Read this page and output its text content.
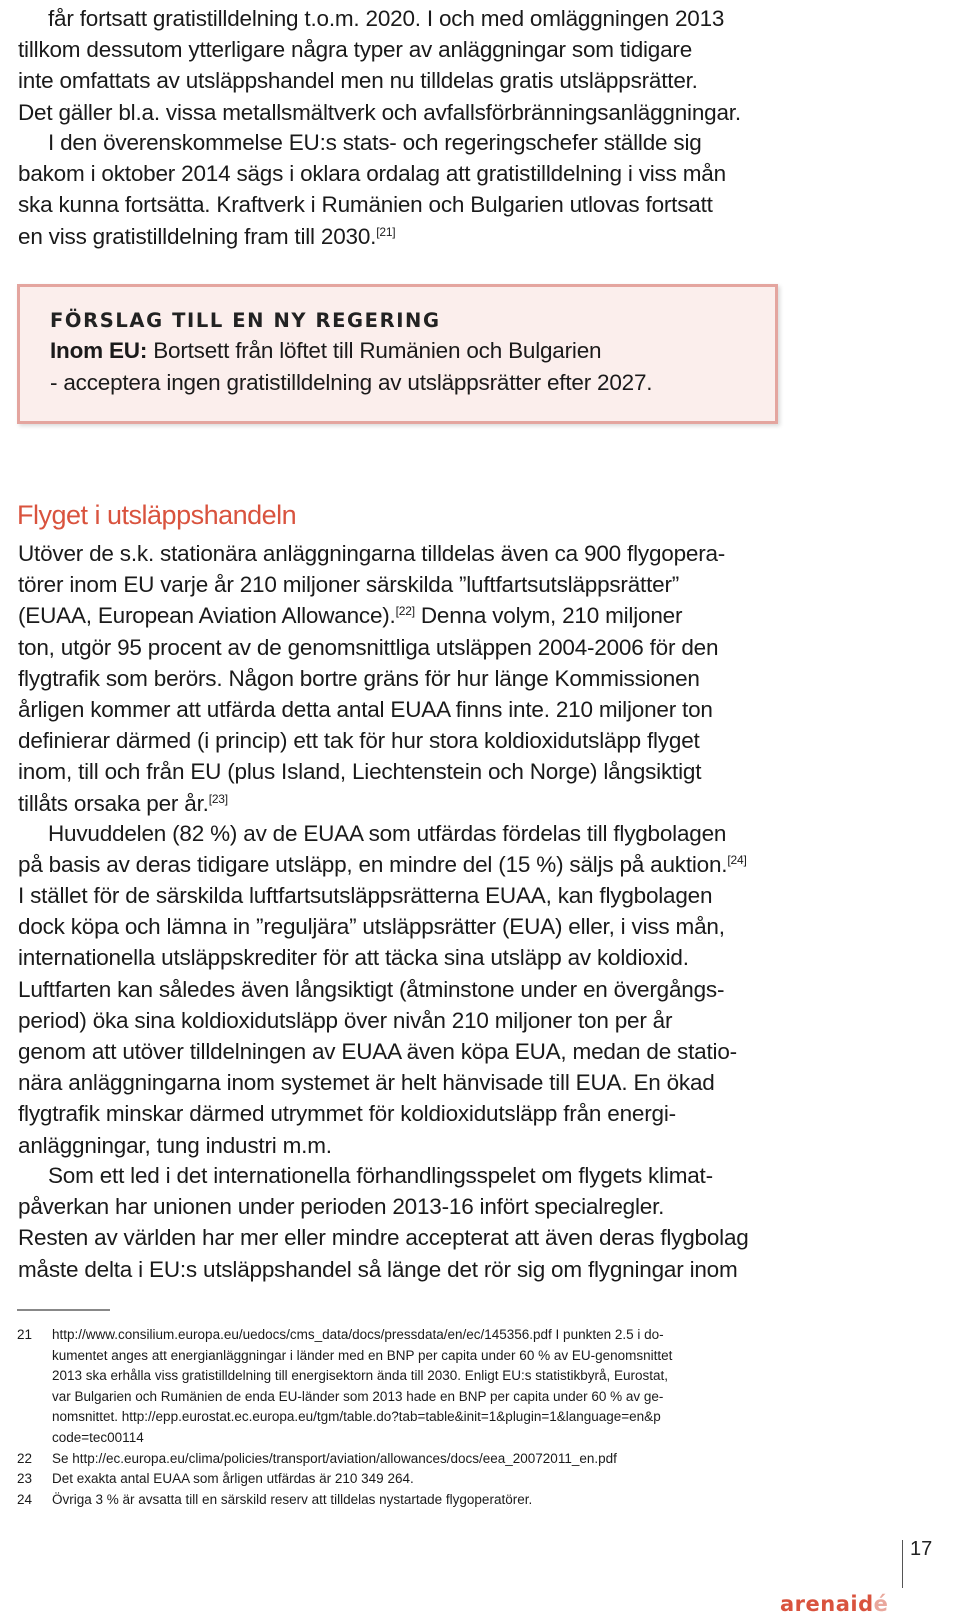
får fortsatt gratistilldelning t.o.m. 2020. I och med omläggningen 2013
tillkom dessutom ytterligare några typer av anläggningar som tidigare
inte omfattats av utsläppshandel men nu tilldelas gratis utsläppsrätter.
Det gäller bl.a. vissa metallsmältverk och avfallsförbränningsanläggningar.

I den överenskommelse EU:s stats- och regeringschefer ställde sig
bakom i oktober 2014 sägs i oklara ordalag att gratistilldelning i viss mån
ska kunna fortsätta. Kraftverk i Rumänien och Bulgarien utlovas fortsatt
en viss gratistilldelning fram till 2030.[21]

FÖRSLAG TILL EN NY REGERING
Inom EU: Bortsett från löftet till Rumänien och Bulgarien
- acceptera ingen gratistilldelning av utsläppsrätter efter 2027.
Flyget i utsläppshandeln

Utöver de s.k. stationära anläggningarna tilldelas även ca 900 flygopera-
törer inom EU varje år 210 miljoner särskilda ”luftfartsutsläppsrätter”
(EUAA, European Aviation Allowance).[22] Denna volym, 210 miljoner
ton, utgör 95 procent av de genomsnittliga utsläppen 2004-2006 för den
flygtrafik som berörs. Någon bortre gräns för hur länge Kommissionen
årligen kommer att utfärda detta antal EUAA finns inte. 210 miljoner ton
definierar därmed (i princip) ett tak för hur stora koldioxidutsläpp flyget
inom, till och från EU (plus Island, Liechtenstein och Norge) långsiktigt
tillåts orsaka per år.[23]

Huvuddelen (82 %) av de EUAA som utfärdas fördelas till flygbolagen
på basis av deras tidigare utsläpp, en mindre del (15 %) säljs på auktion.[24]

I stället för de särskilda luftfartsutsläppsrätterna EUAA, kan flygbolagen
dock köpa och lämna in ”reguljära” utsläppsrätter (EUA) eller, i viss mån,
internationella utsläppskrediter för att täcka sina utsläpp av koldioxid.
Luftfarten kan således även långsiktigt (åtminstone under en övergångs-
period) öka sina koldioxidutsläpp över nivån 210 miljoner ton per år
genom att utöver tilldelningen av EUAA även köpa EUA, medan de statio-
nära anläggningarna inom systemet är helt hänvisade till EUA. En ökad
flygtrafik minskar därmed utrymmet för koldioxidutsläpp från energi-
anläggningar, tung industri m.m.

Som ett led i det internationella förhandlingsspelet om flygets klimat-
påverkan har unionen under perioden 2013-16 infört specialregler.
Resten av världen har mer eller mindre accepterat att även deras flygbolag
måste delta i EU:s utsläppshandel så länge det rör sig om flygningar inom

21 http://www.consilium.europa.eu/uedocs/cms_data/docs/pressdata/en/ec/145356.pdf I punkten 2.5 i do-
kumentet anges att energianläggningar i länder med en BNP per capita under 60 % av EU-genomsnittet
2013 ska erhålla viss gratistilldelning till energisektorn ända till 2030. Enligt EU:s statistikbyrå, Eurostat,
var Bulgarien och Rumänien de enda EU-länder som 2013 hade en BNP per capita under 60 % av ge-
nomsnittet. http://epp.eurostat.ec.europa.eu/tgm/table.do?tab=table&init=1&plugin=1&language=en&p
code=tec00114
22 Se http://ec.europa.eu/clima/policies/transport/aviation/allowances/docs/eea_20072011_en.pdf
23 Det exakta antal EUAA som årligen utfärdas är 210 349 264.
24 Övriga 3 % är avsatta till en särskild reserv att tilldelas nystartade flygoperatörer.
arenaidé
17
